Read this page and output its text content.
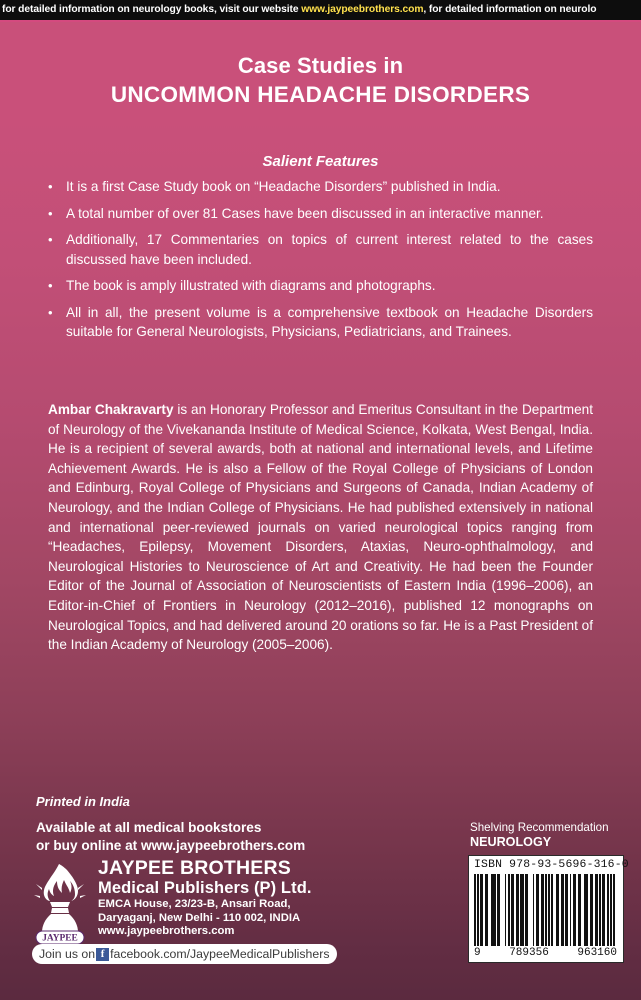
for detailed information on neurology books, visit our website www.jaypeebrothers.com, for detailed information on neurolo
Case Studies in
UNCOMMON HEADACHE DISORDERS
Salient Features
• It is a first Case Study book on “Headache Disorders” published in India.
• A total number of over 81 Cases have been discussed in an interactive manner.
• Additionally, 17 Commentaries on topics of current interest related to the cases discussed have been included.
• The book is amply illustrated with diagrams and photographs.
• All in all, the present volume is a comprehensive textbook on Headache Disorders suitable for General Neurologists, Physicians, Pediatricians, and Trainees.
Ambar Chakravarty is an Honorary Professor and Emeritus Consultant in the Department of Neurology of the Vivekananda Institute of Medical Science, Kolkata, West Bengal, India. He is a recipient of several awards, both at national and international levels, and Lifetime Achievement Awards. He is also a Fellow of the Royal College of Physicians of London and Edinburg, Royal College of Physicians and Surgeons of Canada, Indian Academy of Neurology, and the Indian College of Physicians. He had published extensively in national and international peer-reviewed journals on varied neurological topics ranging from “Headaches, Epilepsy, Movement Disorders, Ataxias, Neuro-ophthalmology, and Neurological Histories to Neuroscience of Art and Creativity. He had been the Founder Editor of the Journal of Association of Neuroscientists of Eastern India (1996–2006), an Editor-in-Chief of Frontiers in Neurology (2012–2016), published 12 monographs on Neurological Topics, and had delivered around 20 orations so far. He is a Past President of the Indian Academy of Neurology (2005–2006).
Printed in India
Available at all medical bookstores
or buy online at www.jaypeebrothers.com
JAYPEE
JAYPEE BROTHERS
Medical Publishers (P) Ltd.
EMCA House, 23/23-B, Ansari Road,
Daryaganj, New Delhi - 110 002, INDIA
www.jaypeebrothers.com
Join us on f facebook.com/JaypeeMedicalPublishers
Shelving Recommendation
NEUROLOGY
ISBN 978-93-5696-316-0
9	789356	963160
